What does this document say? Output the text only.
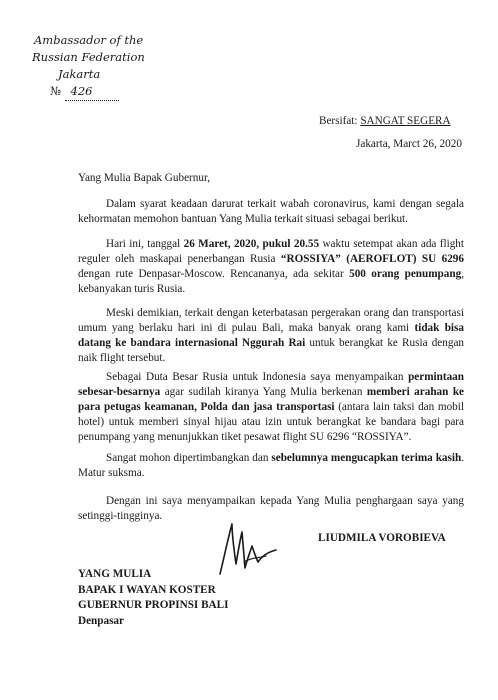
Ambassador of the
Russian Federation
Jakarta
№ 426
Bersifat: SANGAT SEGERA
Jakarta, Marct 26, 2020
Yang Mulia Bapak Gubernur,

Dalam syarat keadaan darurat terkait wabah coronavirus, kami dengan segala kehormatan memohon bantuan Yang Mulia terkait situasi sebagai berikut.

Hari ini, tanggal 26 Maret, 2020, pukul 20.55 waktu setempat akan ada flight reguler oleh maskapai penerbangan Rusia “ROSSIYA” (AEROFLOT) SU 6296 dengan rute Denpasar-Moscow. Rencananya, ada sekitar 500 orang penumpang, kebanyakan turis Rusia.

Meski demikian, terkait dengan keterbatasan pergerakan orang dan transportasi umum yang berlaku hari ini di pulau Bali, maka banyak orang kami tidak bisa datang ke bandara internasional Nggurah Rai untuk berangkat ke Rusia dengan naik flight tersebut.

Sebagai Duta Besar Rusia untuk Indonesia saya menyampaikan permintaan sebesar-besarnya agar sudilah kiranya Yang Mulia berkenan memberi arahan ke para petugas keamanan, Polda dan jasa transportasi (antara lain taksi dan mobil hotel) untuk memberi sinyal hijau atau izin untuk berangkat ke bandara bagi para penumpang yang menunjukkan tiket pesawat flight SU 6296 “ROSSIYA”.

Sangat mohon dipertimbangkan dan sebelumnya mengucapkan terima kasih. Matur suksma.

Dengan ini saya menyampaikan kepada Yang Mulia penghargaan saya yang setinggi-tingginya.

LIUDMILA VOROBIEVA
YANG MULIA
BAPAK I WAYAN KOSTER
GUBERNUR PROPINSI BALI
Denpasar
